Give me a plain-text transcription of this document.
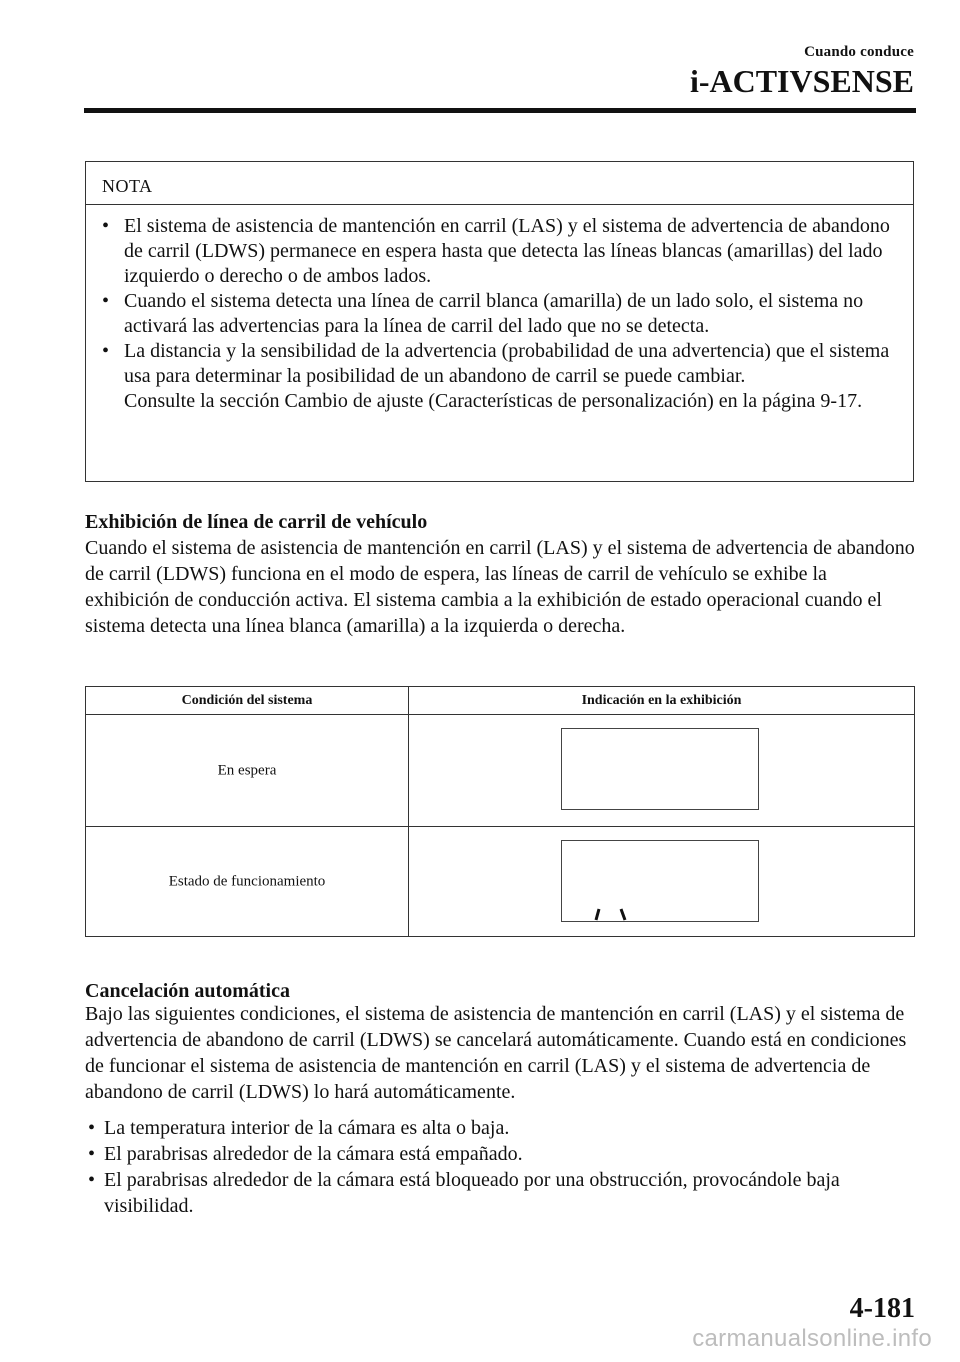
Cuando conduce
i-ACTIVSENSE
NOTA
• El sistema de asistencia de mantención en carril (LAS) y el sistema de advertencia de abandono de carril (LDWS) permanece en espera hasta que detecta las líneas blancas (amarillas) del lado izquierdo o derecho o de ambos lados.

• Cuando el sistema detecta una línea de carril blanca (amarilla) de un lado solo, el sistema no activará las advertencias para la línea de carril del lado que no se detecta.

• La distancia y la sensibilidad de la advertencia (probabilidad de una advertencia) que el sistema usa para determinar la posibilidad de un abandono de carril se puede cambiar.

Consulte la sección Cambio de ajuste (Características de personalización) en la página 9-17.

Exhibición de línea de carril de vehículo

Cuando el sistema de asistencia de mantención en carril (LAS) y el sistema de advertencia de abandono de carril (LDWS) funciona en el modo de espera, las líneas de carril de vehículo se exhibe la exhibición de conducción activa. El sistema cambia a la exhibición de estado operacional cuando el sistema detecta una línea blanca (amarilla) a la izquierda o derecha.

Condición del sistema	Indicación en la exhibición
En espera
Estado de funcionamiento
Cancelación automática

Bajo las siguientes condiciones, el sistema de asistencia de mantención en carril (LAS) y el sistema de advertencia de abandono de carril (LDWS) se cancelará automáticamente. Cuando está en condiciones de funcionar el sistema de asistencia de mantención en carril (LAS) y el sistema de advertencia de abandono de carril (LDWS) lo hará automáticamente.

• La temperatura interior de la cámara es alta o baja.
• El parabrisas alrededor de la cámara está empañado.
• El parabrisas alrededor de la cámara está bloqueado por una obstrucción, provocándole baja visibilidad.
4-181
carmanualsonline.info
